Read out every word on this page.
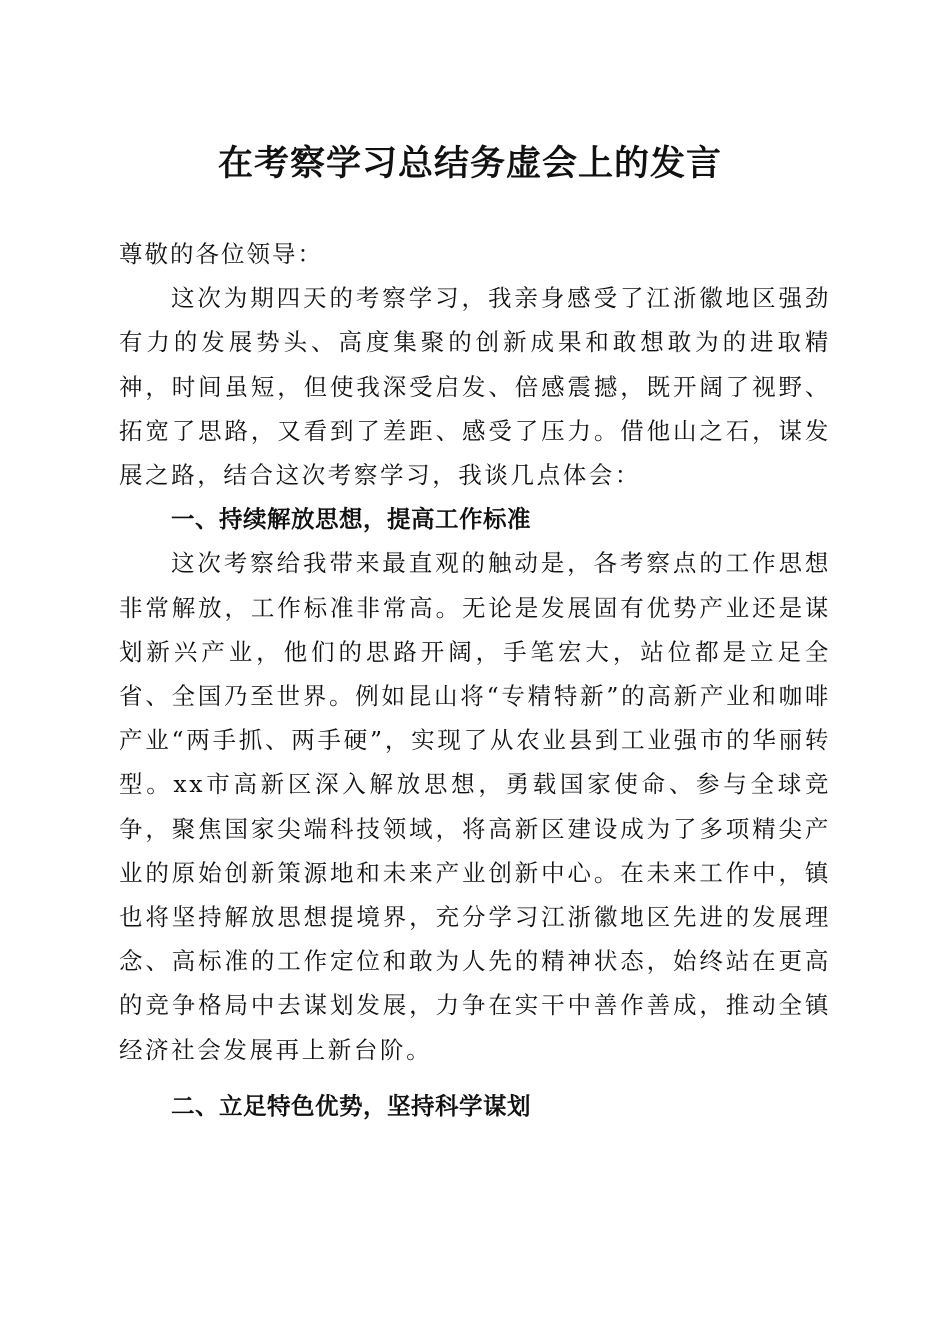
在考察学习总结务虚会上的发言

尊敬的各位领导：

这次为期四天的考察学习，我亲身感受了江浙徽地区强劲有力的发展势头、高度集聚的创新成果和敢想敢为的进取精神，时间虽短，但使我深受启发、倍感震撼，既开阔了视野、拓宽了思路，又看到了差距、感受了压力。借他山之石，谋发展之路，结合这次考察学习，我谈几点体会：

一、持续解放思想，提高工作标准

这次考察给我带来最直观的触动是，各考察点的工作思想非常解放，工作标准非常高。无论是发展固有优势产业还是谋划新兴产业，他们的思路开阔，手笔宏大，站位都是立足全省、全国乃至世界。例如昆山将“专精特新”的高新产业和咖啡产业“两手抓、两手硬”，实现了从农业县到工业强市的华丽转型。xx市高新区深入解放思想，勇载国家使命、参与全球竞争，聚焦国家尖端科技领域，将高新区建设成为了多项精尖产业的原始创新策源地和未来产业创新中心。在未来工作中，镇也将坚持解放思想提境界，充分学习江浙徽地区先进的发展理念、高标准的工作定位和敢为人先的精神状态，始终站在更高的竞争格局中去谋划发展，力争在实干中善作善成，推动全镇经济社会发展再上新台阶。

二、立足特色优势，坚持科学谋划
